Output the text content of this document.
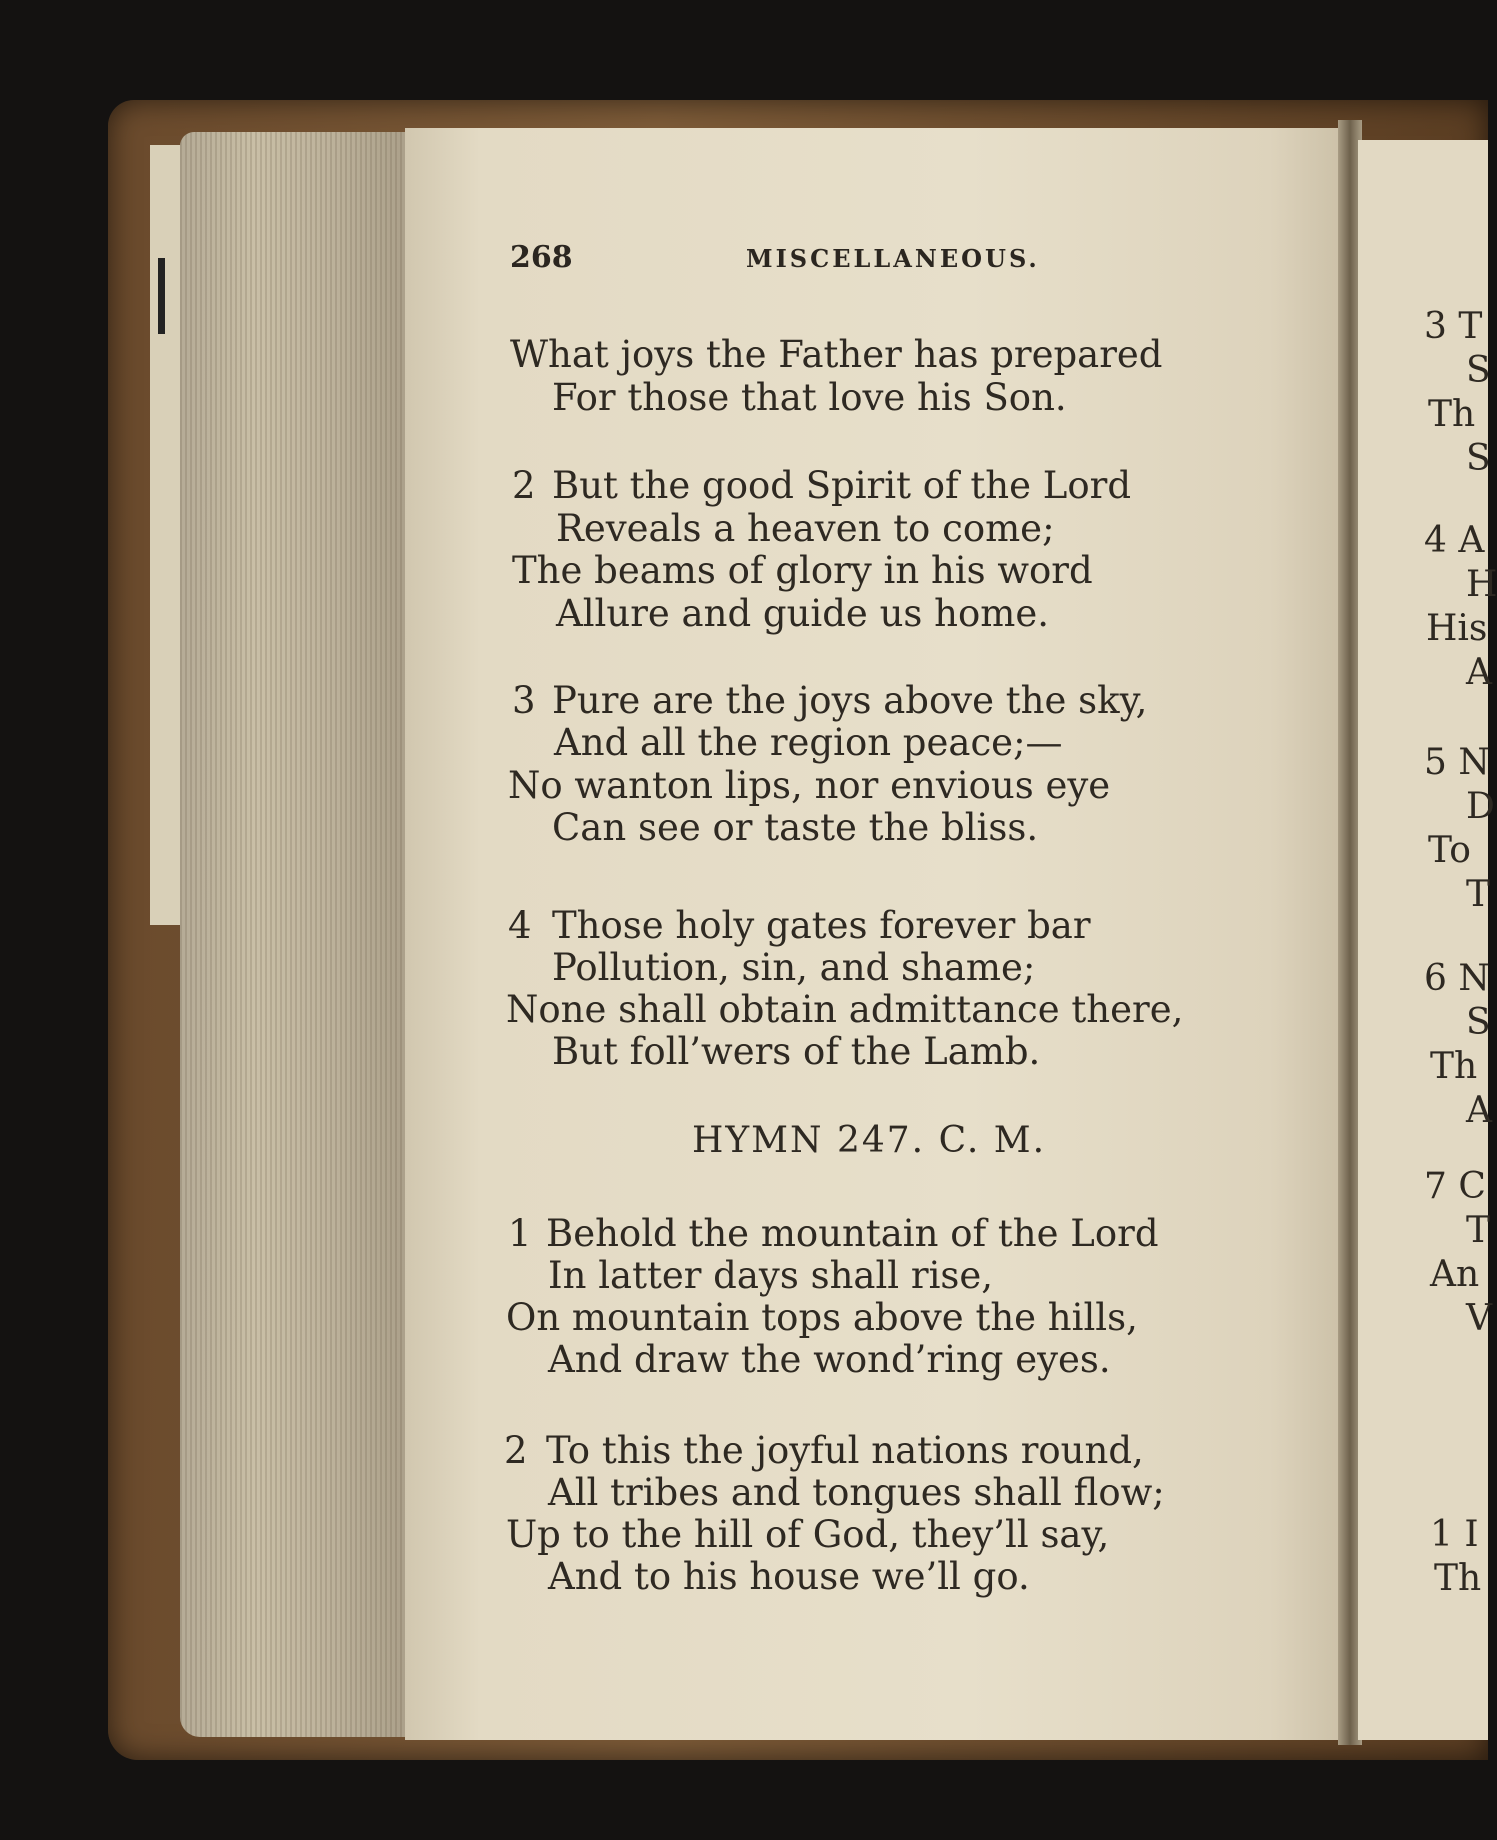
268	MISCELLANEOUS.
What joys the Father has prepared
For those that love his Son.
2 But the good Spirit of the Lord
Reveals a heaven to come;
The beams of glory in his word
Allure and guide us home.
3 Pure are the joys above the sky,
And all the region peace;—
No wanton lips, nor envious eye
Can see or taste the bliss.
4 Those holy gates forever bar
Pollution, sin, and shame;
None shall obtain admittance there,
But foll’wers of the Lamb.
HYMN 247. C. M.
1 Behold the mountain of the Lord
In latter days shall rise,
On mountain tops above the hills,
And draw the wond’ring eyes.
2 To this the joyful nations round,
All tribes and tongues shall flow;
Up to the hill of God, they’ll say,
And to his house we’ll go.
3 T
S
Th
S
4 A
H
His
A
5 N
D
To
T
6 N
S
Th
A
7 C
T
An
V
1 I
Th
